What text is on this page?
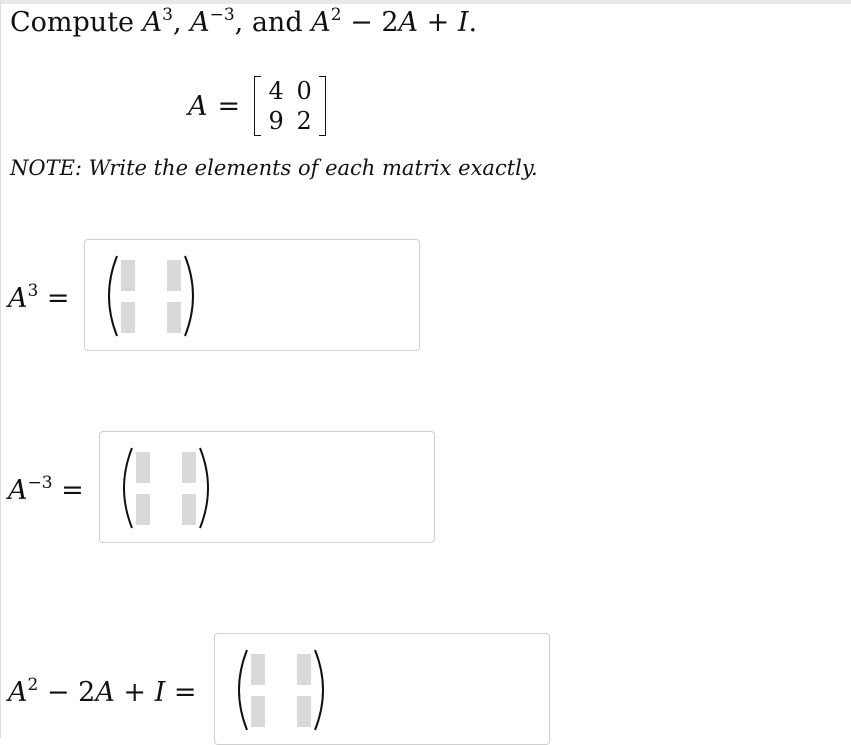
Compute $A^3$, $A^{-3}$, and $A^2 - 2A + I$.
A = 4 0
9 2
NOTE: Write the elements of each matrix exactly.
$A^3$ =
$A^{-3}$ =
$A^2 - 2A + I$ =
